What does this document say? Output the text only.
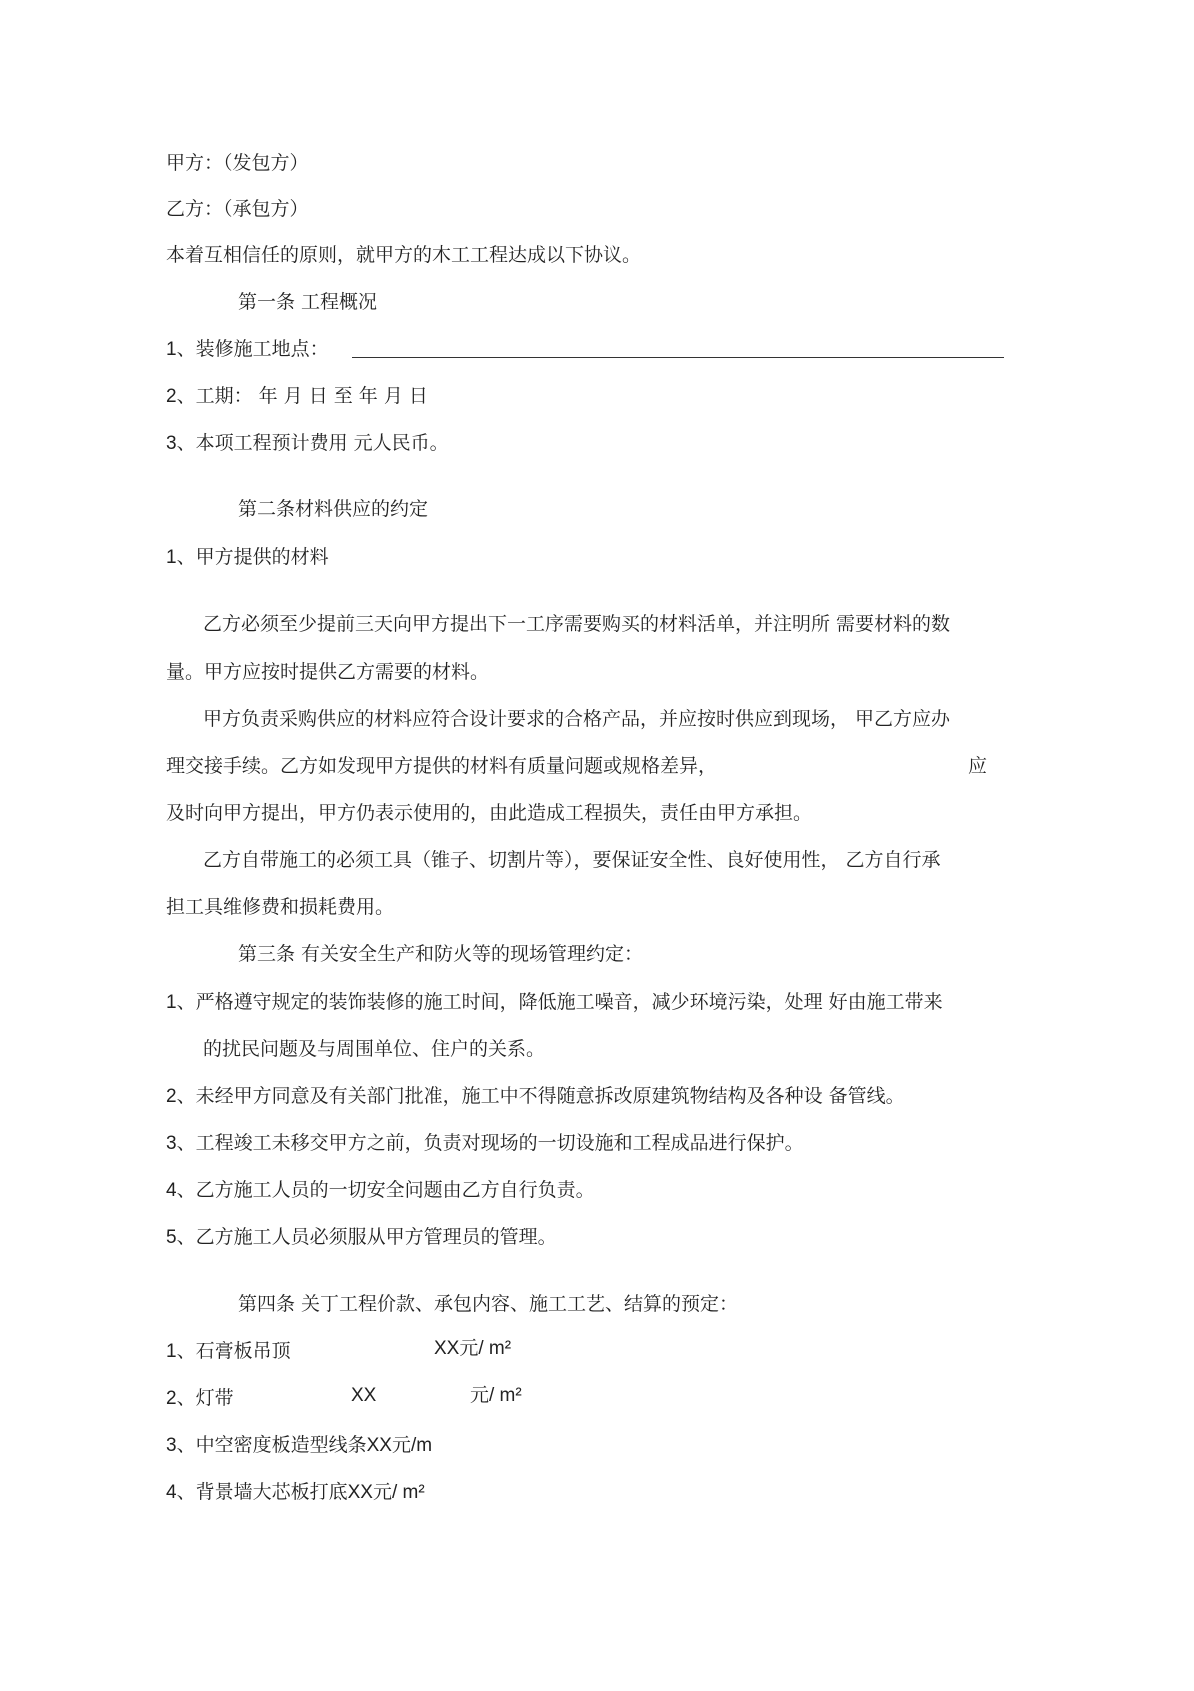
甲方：（发包方）
乙方：（承包方）
本着互相信任的原则，就甲方的木工工程达成以下协议。
第一条 工程概况
1、装修施工地点：
2、工期： 年 月 日 至 年 月 日
3、本项工程预计费用 元人民币。
第二条材料供应的约定
1、甲方提供的材料
乙方必须至少提前三天向甲方提出下一工序需要购买的材料活单，并注明所 需要材料的数
量。甲方应按时提供乙方需要的材料。
甲方负责采购供应的材料应符合设计要求的合格产品，并应按时供应到现场， 甲乙方应办
理交接手续。乙方如发现甲方提供的材料有质量问题或规格差异，	应
及时向甲方提出，甲方仍表示使用的，由此造成工程损失，责任由甲方承担。
乙方自带施工的必须工具（锥子、切割片等），要保证安全性、良好使用性， 乙方自行承
担工具维修费和损耗费用。
第三条 有关安全生产和防火等的现场管理约定：
1、严格遵守规定的装饰装修的施工时间，降低施工噪音，减少环境污染，处理 好由施工带来
的扰民问题及与周围单位、住户的关系。
2、未经甲方同意及有关部门批准，施工中不得随意拆改原建筑物结构及各种设 备管线。
3、工程竣工未移交甲方之前，负责对现场的一切设施和工程成品进行保护。
4、乙方施工人员的一切安全问题由乙方自行负责。
5、乙方施工人员必须服从甲方管理员的管理。
第四条 关丁工程价款、承包内容、施工工艺、结算的预定：
1、石膏板吊顶	XX元/ m²
2、灯带	XX	元/ m²
3、中空密度板造型线条XX元/m
4、背景墙大芯板打底XX元/ m²
